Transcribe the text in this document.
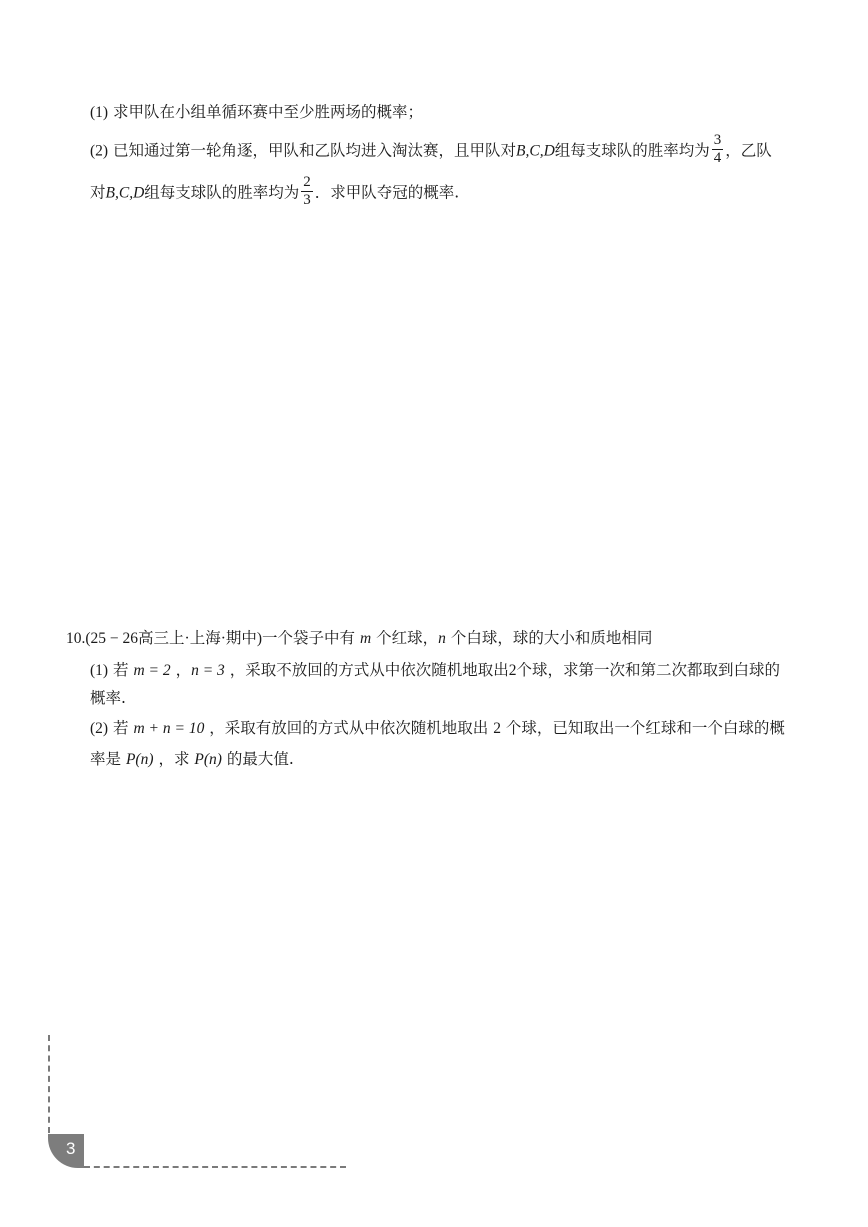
(1) 求甲队在小组单循环赛中至少胜两场的概率；
(2) 已知通过第一轮角逐，甲队和乙队均进入淘汰赛，且甲队对B,C,D组每支球队的胜率均为 $\frac{3}{4}$ ，乙队
对B,C,D组每支球队的胜率均为 $\frac{2}{3}$ ．求甲队夺冠的概率.
10.(25 − 26高三上·上海·期中)一个袋子中有 m 个红球，n 个白球，球的大小和质地相同
(1) 若 m = 2 ，n = 3 ，采取不放回的方式从中依次随机地取出2个球，求第一次和第二次都取到白球的
概率.
(2) 若 m + n = 10 ，采取有放回的方式从中依次随机地取出 2 个球，已知取出一个红球和一个白球的概
率是 P(n) ，求 P(n) 的最大值.
3
